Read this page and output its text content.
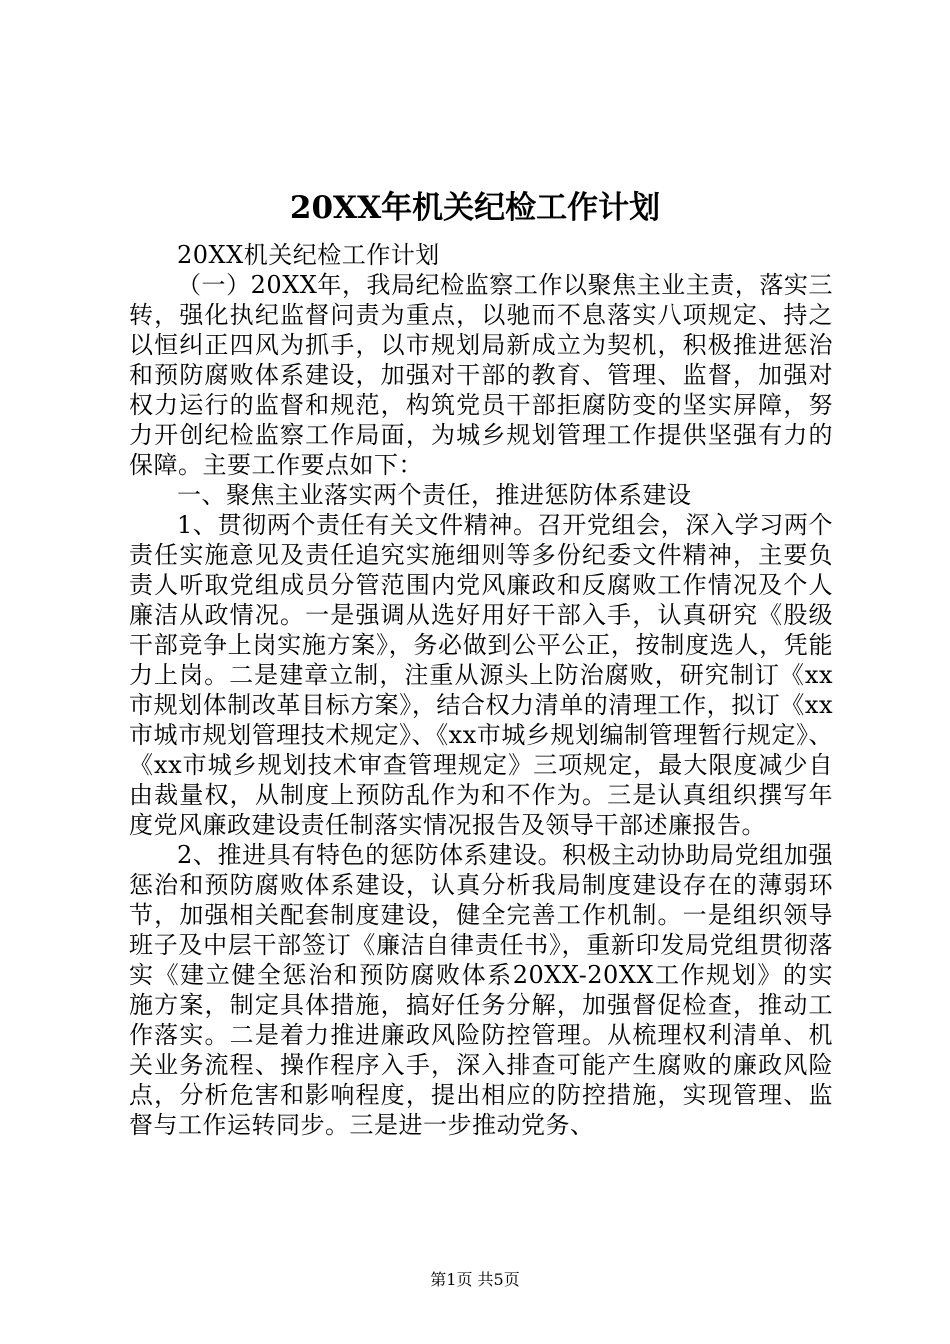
20XX年机关纪检工作计划

20XX机关纪检工作计划

（一）20XX年，我局纪检监察工作以聚焦主业主责，落实三转，强化执纪监督问责为重点，以驰而不息落实八项规定、持之以恒纠正四风为抓手，以市规划局新成立为契机，积极推进惩治和预防腐败体系建设，加强对干部的教育、管理、监督，加强对权力运行的监督和规范，构筑党员干部拒腐防变的坚实屏障，努力开创纪检监察工作局面，为城乡规划管理工作提供坚强有力的保障。主要工作要点如下：

一、聚焦主业落实两个责任，推进惩防体系建设

1、贯彻两个责任有关文件精神。召开党组会，深入学习两个责任实施意见及责任追究实施细则等多份纪委文件精神，主要负责人听取党组成员分管范围内党风廉政和反腐败工作情况及个人廉洁从政情况。一是强调从选好用好干部入手，认真研究《股级干部竞争上岗实施方案》，务必做到公平公正，按制度选人，凭能力上岗。二是建章立制，注重从源头上防治腐败，研究制订《xx市规划体制改革目标方案》，结合权力清单的清理工作，拟订《xx市城市规划管理技术规定》、《xx市城乡规划编制管理暂行规定》、《xx市城乡规划技术审查管理规定》三项规定，最大限度减少自由裁量权，从制度上预防乱作为和不作为。三是认真组织撰写年度党风廉政建设责任制落实情况报告及领导干部述廉报告。

2、推进具有特色的惩防体系建设。积极主动协助局党组加强惩治和预防腐败体系建设，认真分析我局制度建设存在的薄弱环节，加强相关配套制度建设，健全完善工作机制。一是组织领导班子及中层干部签订《廉洁自律责任书》，重新印发局党组贯彻落实《建立健全惩治和预防腐败体系20XX-20XX工作规划》的实施方案，制定具体措施，搞好任务分解，加强督促检查，推动工作落实。二是着力推进廉政风险防控管理。从梳理权利清单、机关业务流程、操作程序入手，深入排查可能产生腐败的廉政风险点，分析危害和影响程度，提出相应的防控措施，实现管理、监督与工作运转同步。三是进一步推动党务、

第1页 共5页
